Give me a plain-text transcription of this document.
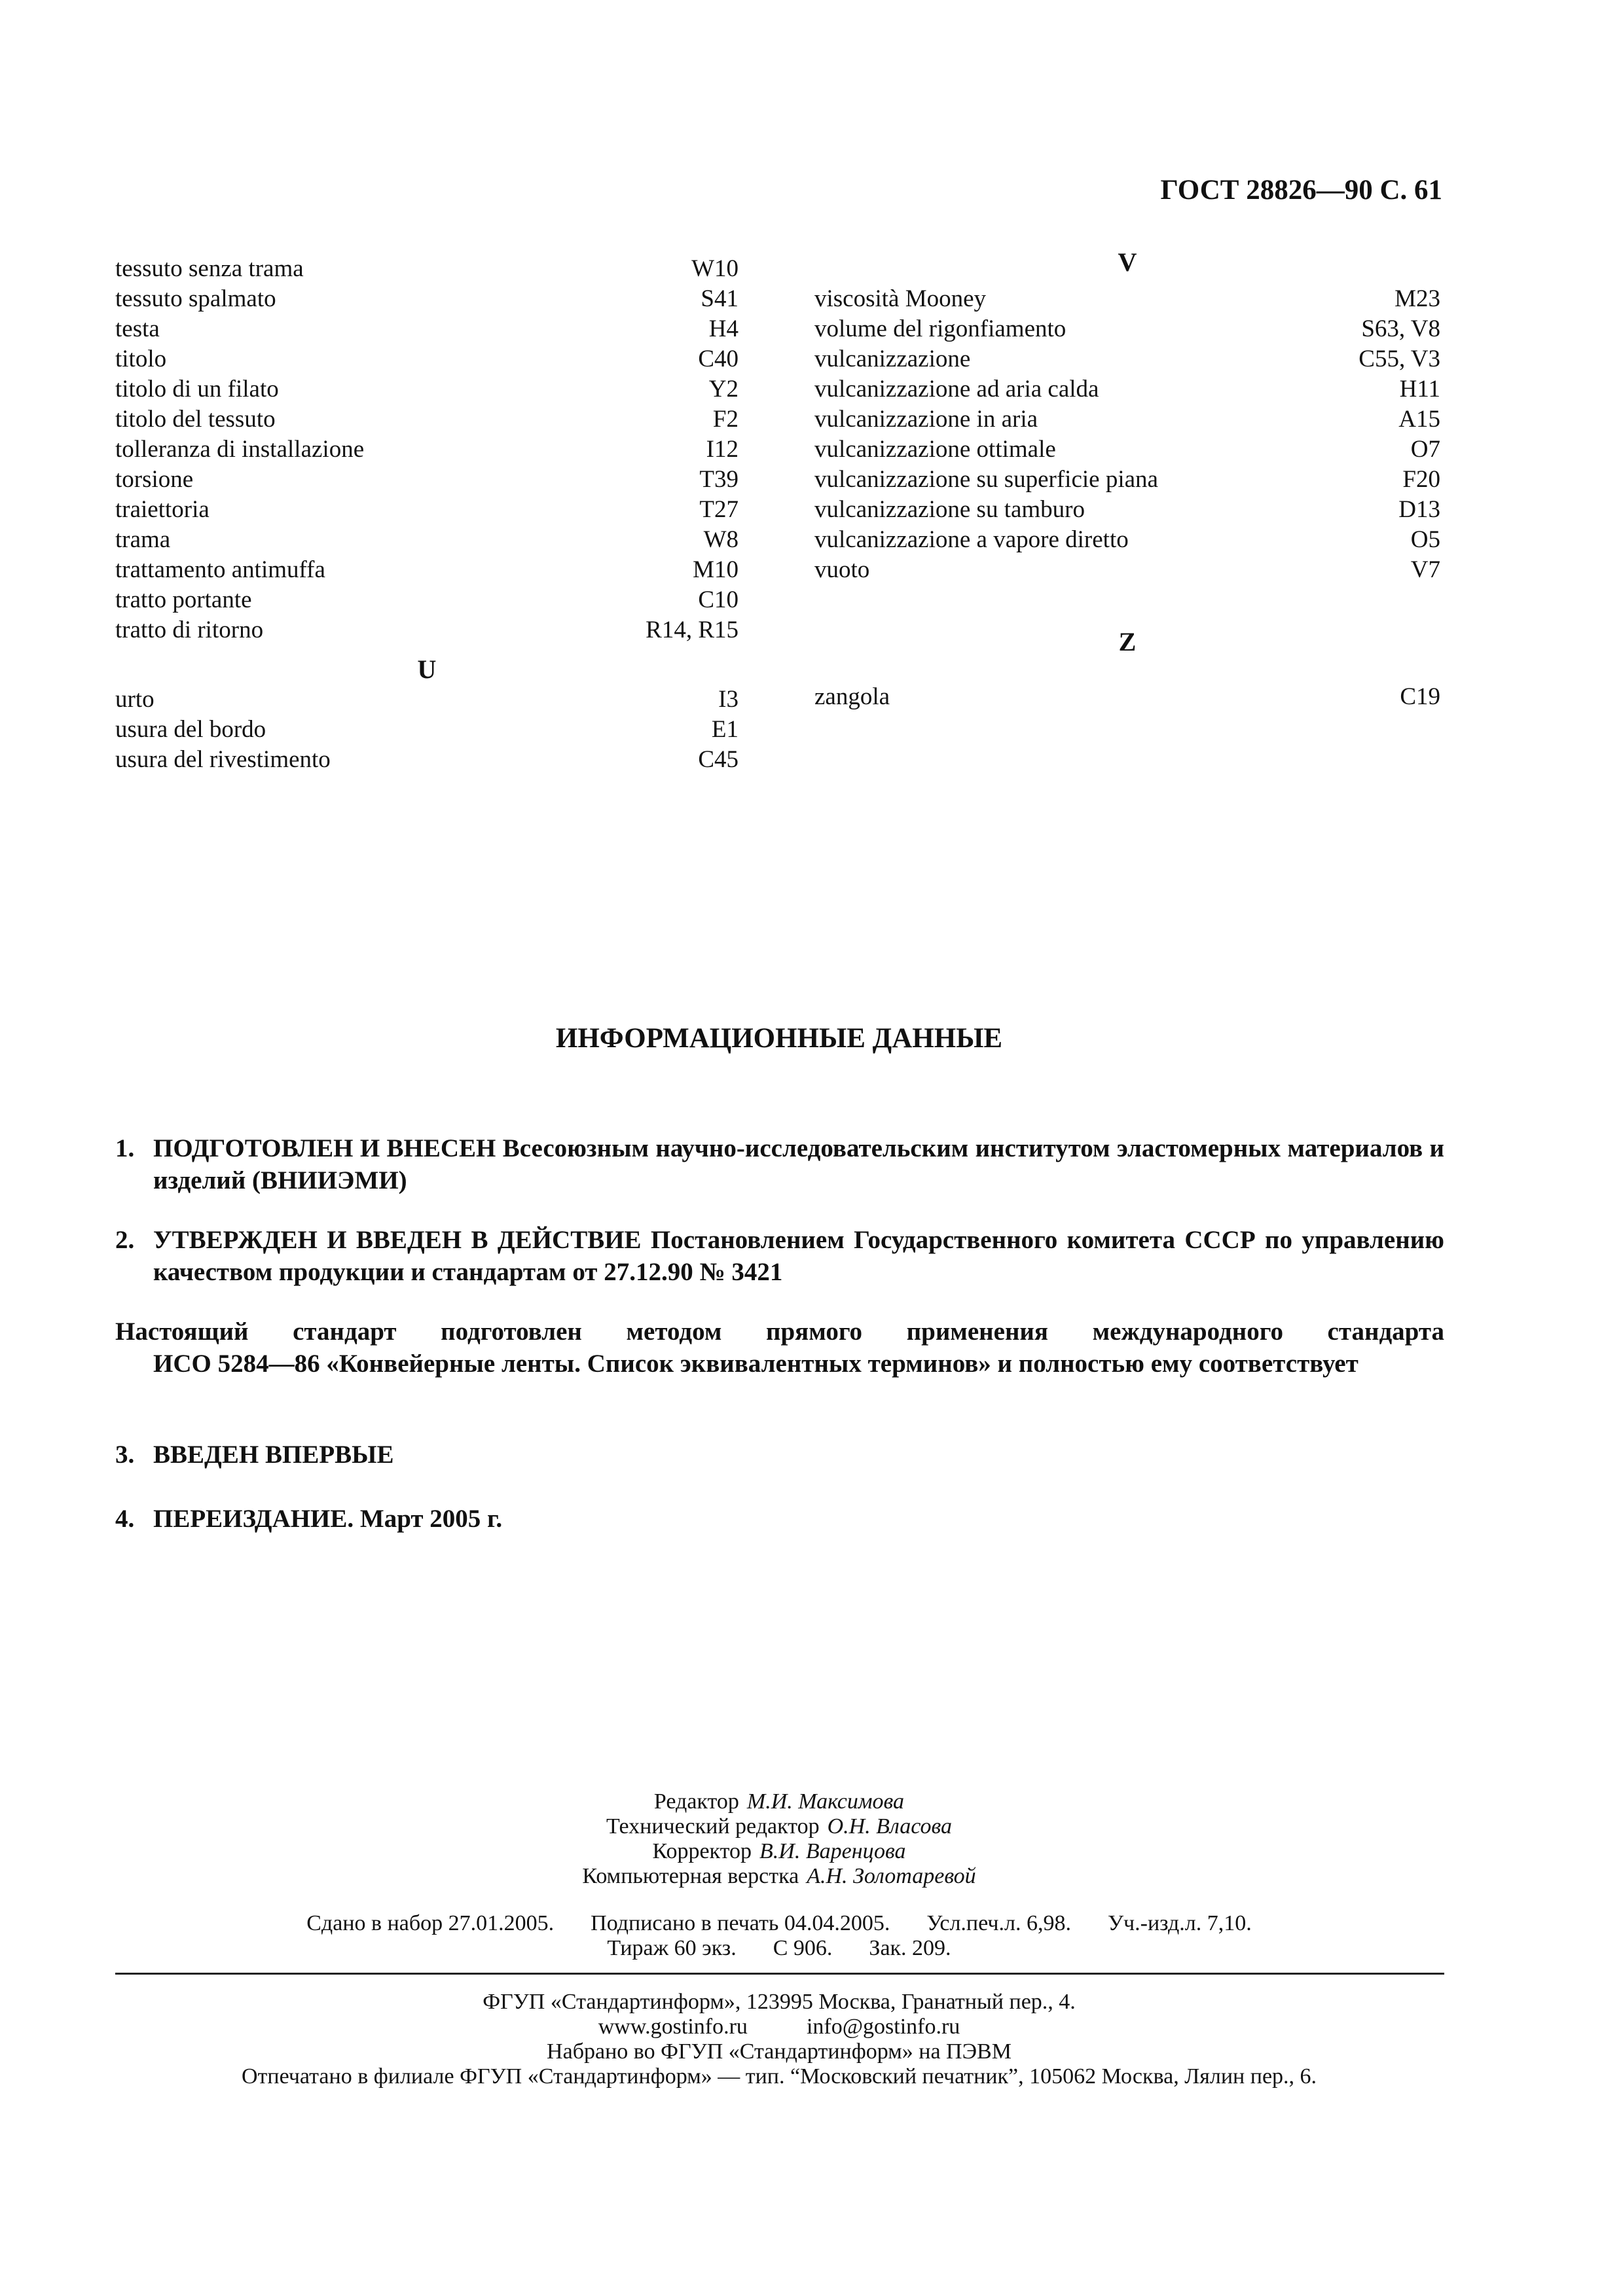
ГОСТ 28826—90 С. 61
tessuto senza trama	W10
tessuto spalmato	S41
testa	H4
titolo	C40
titolo di un filato	Y2
titolo del tessuto	F2
tolleranza di installazione	I12
torsione	T39
traiettoria	T27
trama	W8
trattamento antimuffa	M10
tratto portante	C10
tratto di ritorno	R14, R15
U
urto	I3
usura del bordo	E1
usura del rivestimento	C45
V
viscosità Mooney	M23
volume del rigonfiamento	S63, V8
vulcanizzazione	C55, V3
vulcanizzazione ad aria calda	H11
vulcanizzazione in aria	A15
vulcanizzazione ottimale	O7
vulcanizzazione su superficie piana	F20
vulcanizzazione su tamburo	D13
vulcanizzazione a vapore diretto	O5
vuoto	V7
Z
zangola	C19
ИНФОРМАЦИОННЫЕ ДАННЫЕ
1. ПОДГОТОВЛЕН И ВНЕСЕН Всесоюзным научно-исследовательским институтом эластомерных материалов и изделий (ВНИИЭМИ)
2. УТВЕРЖДЕН И ВВЕДЕН В ДЕЙСТВИЕ Постановлением Государственного комитета СССР по управлению качеством продукции и стандартам от 27.12.90 № 3421
Настоящий стандарт подготовлен методом прямого применения международного стандарта
ИСО 5284—86 «Конвейерные ленты. Список эквивалентных терминов» и полностью ему соответствует
3. ВВЕДЕН ВПЕРВЫЕ
4. ПЕРЕИЗДАНИЕ. Март 2005 г.
Редактор М.И. Максимова
Технический редактор О.Н. Власова
Корректор В.И. Варенцова
Компьютерная верстка А.Н. Золотаревой
Сдано в набор 27.01.2005. Подписано в печать 04.04.2005. Усл.печ.л. 6,98. Уч.-изд.л. 7,10.
Тираж 60 экз. С 906. Зак. 209.
ФГУП «Стандартинформ», 123995 Москва, Гранатный пер., 4.
www.gostinfo.ru	info@gostinfo.ru
Набрано во ФГУП «Стандартинформ» на ПЭВМ
Отпечатано в филиале ФГУП «Стандартинформ» — тип. “Московский печатник”, 105062 Москва, Лялин пер., 6.
